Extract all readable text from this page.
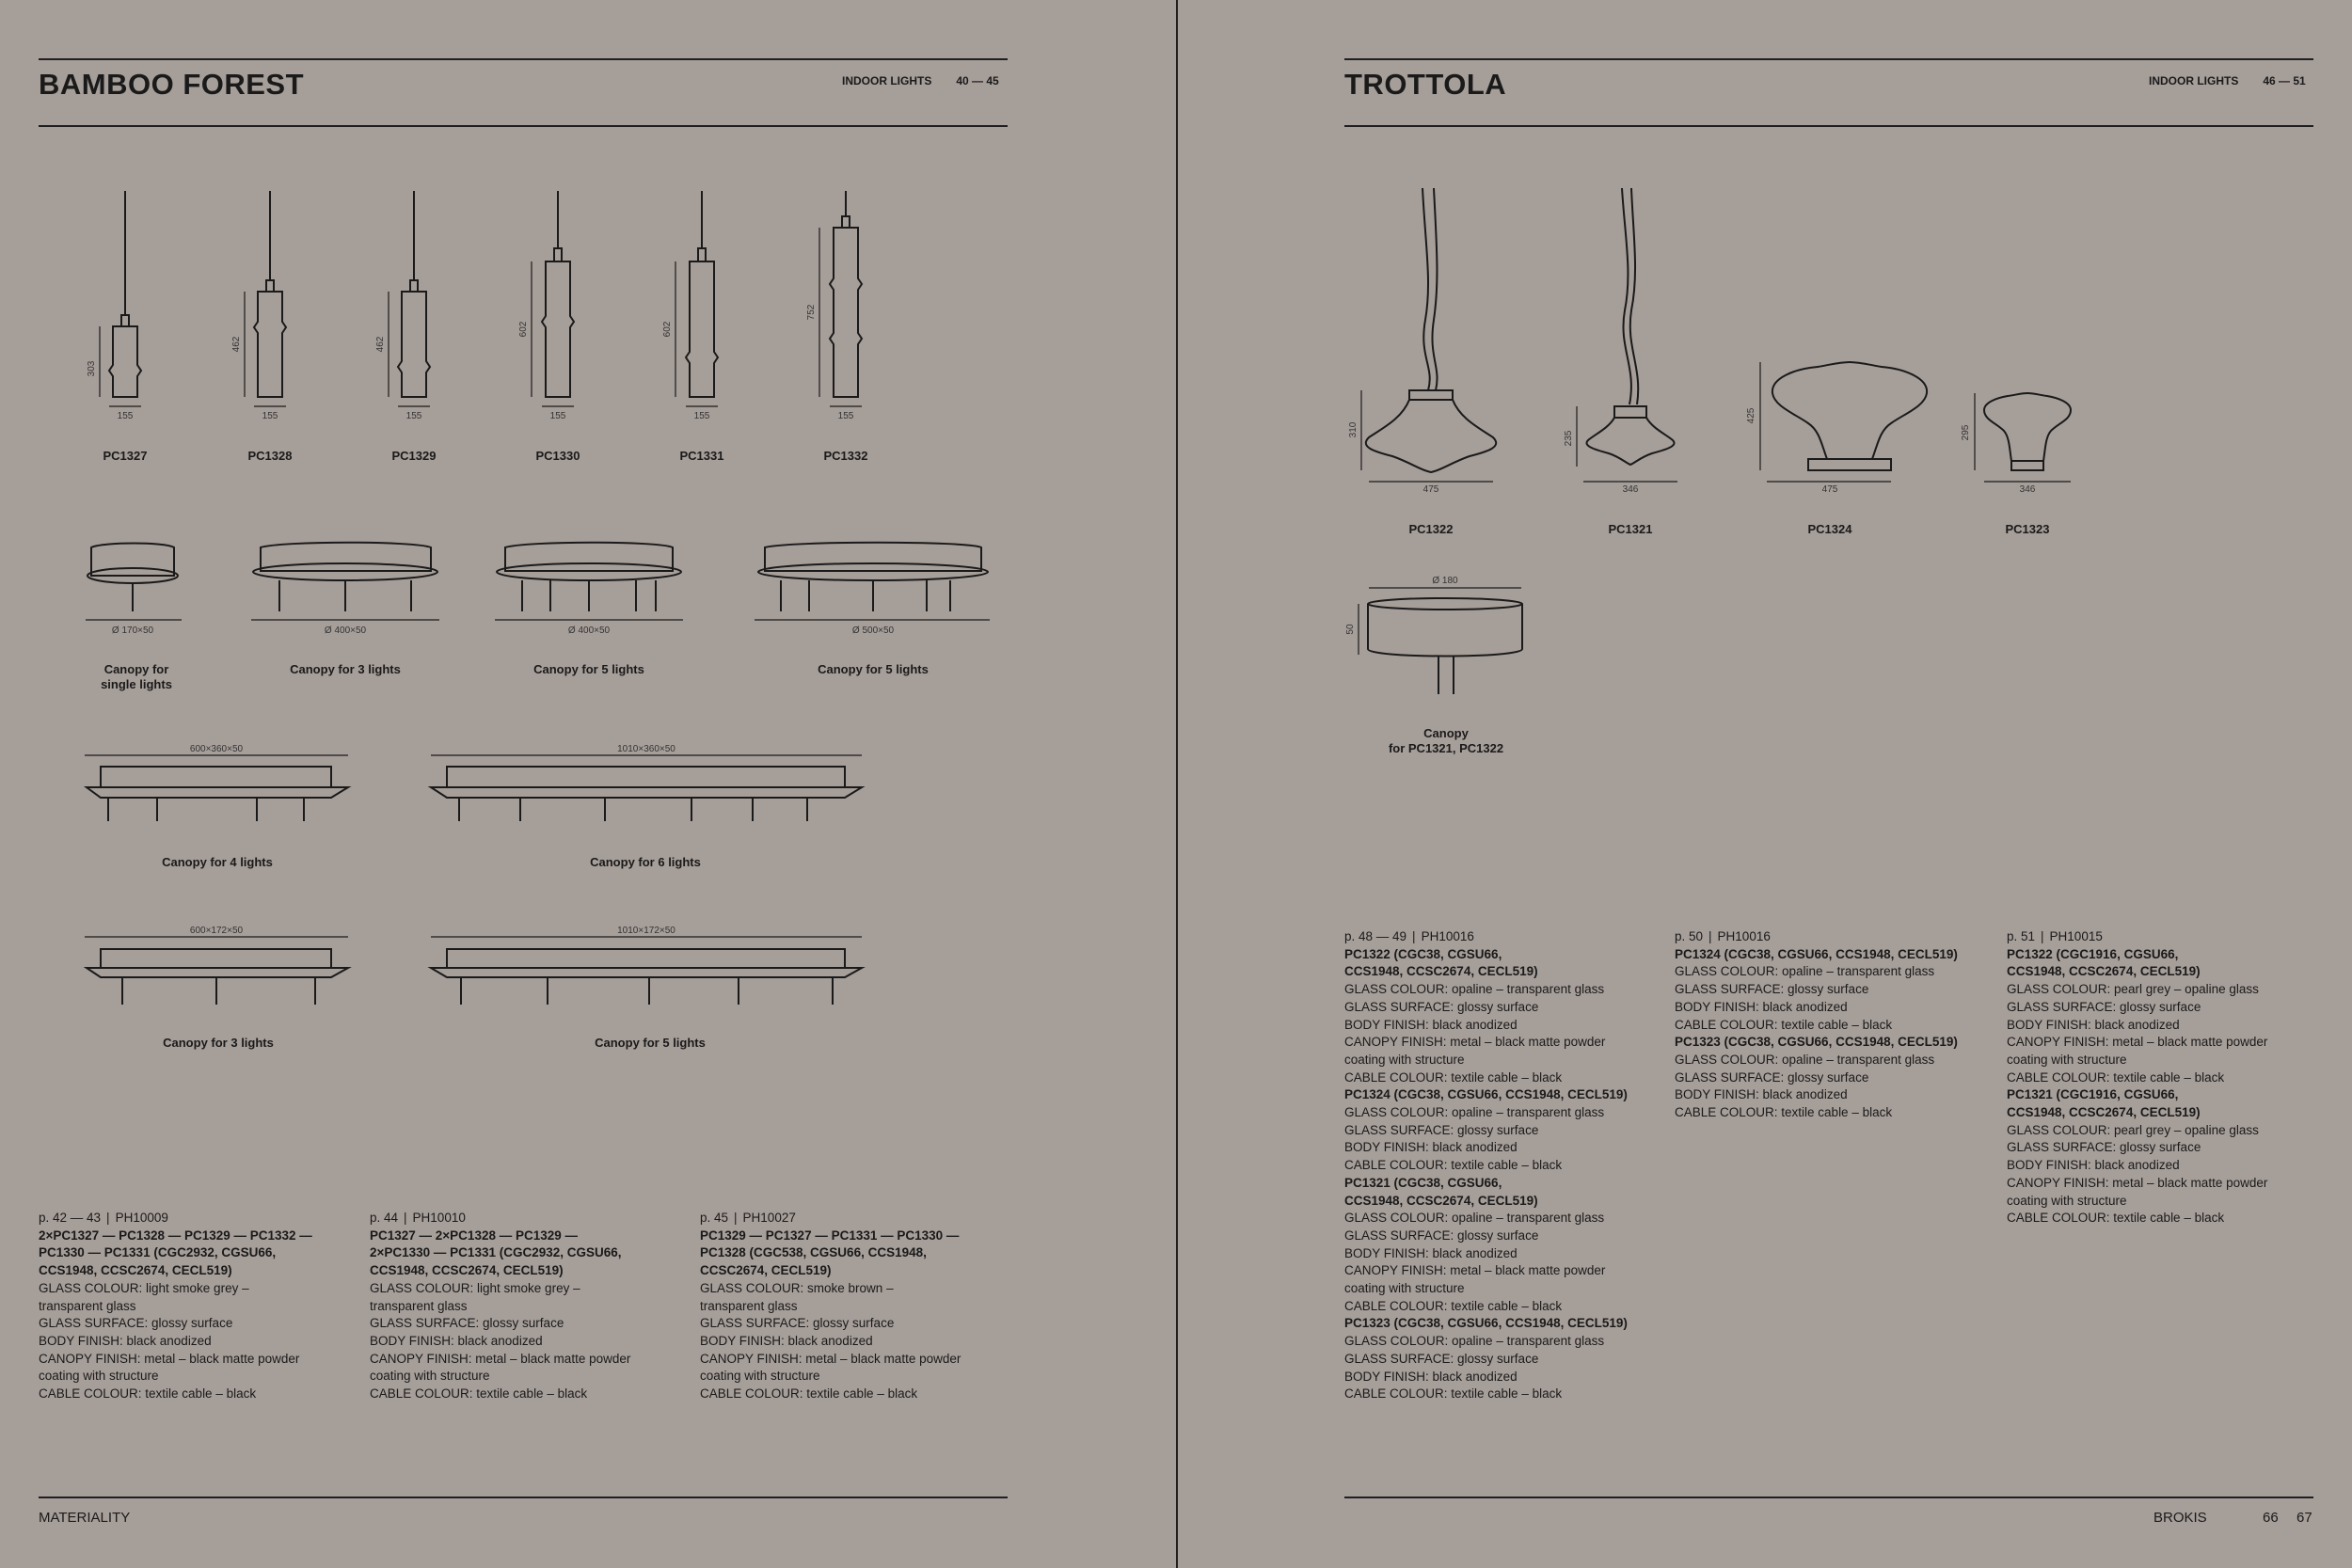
BAMBOO FOREST	INDOOR LIGHTS 40 — 45
303
155
462
155
462
155
602
155
602
155
752
155
Ø 170×50	Ø 400×50	Ø 400×50	Ø 500×50
600×360×50	1010×360×50
600×172×50	1010×172×50
PC1327	PC1328	PC1329	PC1330	PC1331	PC1332
Canopy for single lights
Canopy for 3 lights	Canopy for 5 lights	Canopy for 5 lights
Canopy for 4 lights	Canopy for 6 lights
Canopy for 3 lights	Canopy for 5 lights
p. 42 — 43 | PH10009
2×PC1327 — PC1328 — PC1329 — PC1332 —
PC1330 — PC1331 (CGC2932, CGSU66,
CCS1948, CCSC2674, CECL519)
GLASS COLOUR: light smoke grey –
transparent glass
GLASS SURFACE: glossy surface
BODY FINISH: black anodized
CANOPY FINISH: metal – black matte powder
coating with structure
CABLE COLOUR: textile cable – black
p. 44 | PH10010
PC1327 — 2×PC1328 — PC1329 —
2×PC1330 — PC1331 (CGC2932, CGSU66,
CCS1948, CCSC2674, CECL519)
GLASS COLOUR: light smoke grey –
transparent glass
GLASS SURFACE: glossy surface
BODY FINISH: black anodized
CANOPY FINISH: metal – black matte powder
coating with structure
CABLE COLOUR: textile cable – black
p. 45 | PH10027
PC1329 — PC1327 — PC1331 — PC1330 —
PC1328 (CGC538, CGSU66, CCS1948,
CCSC2674, CECL519)
GLASS COLOUR: smoke brown –
transparent glass
GLASS SURFACE: glossy surface
BODY FINISH: black anodized
CANOPY FINISH: metal – black matte powder
coating with structure
CABLE COLOUR: textile cable – black
MATERIALITY
TROTTOLA	INDOOR LIGHTS 46 — 51
310
475
235
346
425
475
295
346
Ø 180
50
PC1322	PC1321	PC1324	PC1323
Canopy
for PC1321, PC1322
p. 48 — 49 | PH10016
PC1322 (CGC38, CGSU66,
CCS1948, CCSC2674, CECL519)
GLASS COLOUR: opaline – transparent glass
GLASS SURFACE: glossy surface
BODY FINISH: black anodized
CANOPY FINISH: metal – black matte powder
coating with structure
CABLE COLOUR: textile cable – black
PC1324 (CGC38, CGSU66, CCS1948, CECL519)
GLASS COLOUR: opaline – transparent glass
GLASS SURFACE: glossy surface
BODY FINISH: black anodized
CABLE COLOUR: textile cable – black
PC1321 (CGC38, CGSU66,
CCS1948, CCSC2674, CECL519)
GLASS COLOUR: opaline – transparent glass
GLASS SURFACE: glossy surface
BODY FINISH: black anodized
CANOPY FINISH: metal – black matte powder
coating with structure
CABLE COLOUR: textile cable – black
PC1323 (CGC38, CGSU66, CCS1948, CECL519)
GLASS COLOUR: opaline – transparent glass
GLASS SURFACE: glossy surface
BODY FINISH: black anodized
CABLE COLOUR: textile cable – black
p. 50 | PH10016
PC1324 (CGC38, CGSU66, CCS1948, CECL519)
GLASS COLOUR: opaline – transparent glass
GLASS SURFACE: glossy surface
BODY FINISH: black anodized
CABLE COLOUR: textile cable – black
PC1323 (CGC38, CGSU66, CCS1948, CECL519)
GLASS COLOUR: opaline – transparent glass
GLASS SURFACE: glossy surface
BODY FINISH: black anodized
CABLE COLOUR: textile cable – black
p. 51 | PH10015
PC1322 (CGC1916, CGSU66,
CCS1948, CCSC2674, CECL519)
GLASS COLOUR: pearl grey – opaline glass
GLASS SURFACE: glossy surface
BODY FINISH: black anodized
CANOPY FINISH: metal – black matte powder
coating with structure
CABLE COLOUR: textile cable – black
PC1321 (CGC1916, CGSU66,
CCS1948, CCSC2674, CECL519)
GLASS COLOUR: pearl grey – opaline glass
GLASS SURFACE: glossy surface
BODY FINISH: black anodized
CANOPY FINISH: metal – black matte powder
coating with structure
CABLE COLOUR: textile cable – black
BROKIS	66 67
